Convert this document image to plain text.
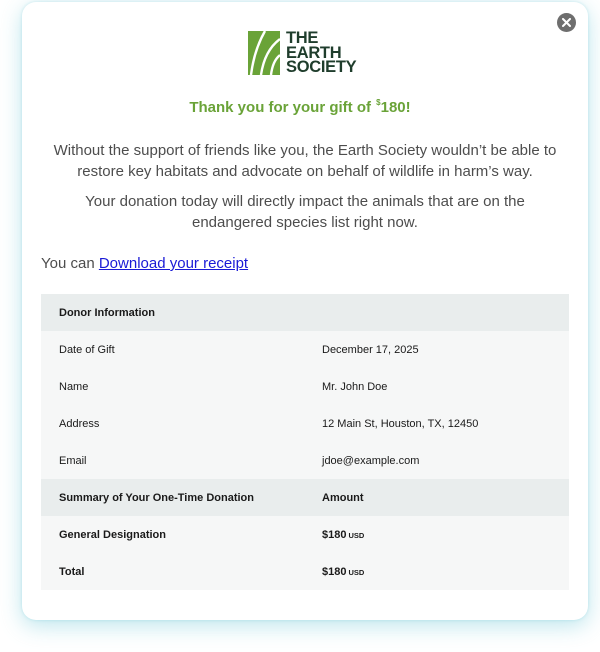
THE
EARTH
SOCIETY
Thank you for your gift of $180!
Without the support of friends like you, the Earth Society wouldn’t be able to restore key habitats and advocate on behalf of wildlife in harm’s way.
Your donation today will directly impact the animals that are on the endangered species list right now.
You can Download your receipt
Donor Information
Date of Gift	December 17, 2025
Name	Mr. John Doe
Address	12 Main St, Houston, TX, 12450
Email	jdoe@example.com
Summary of Your One-Time Donation	Amount
General Designation	$180 USD
Total	$180 USD
